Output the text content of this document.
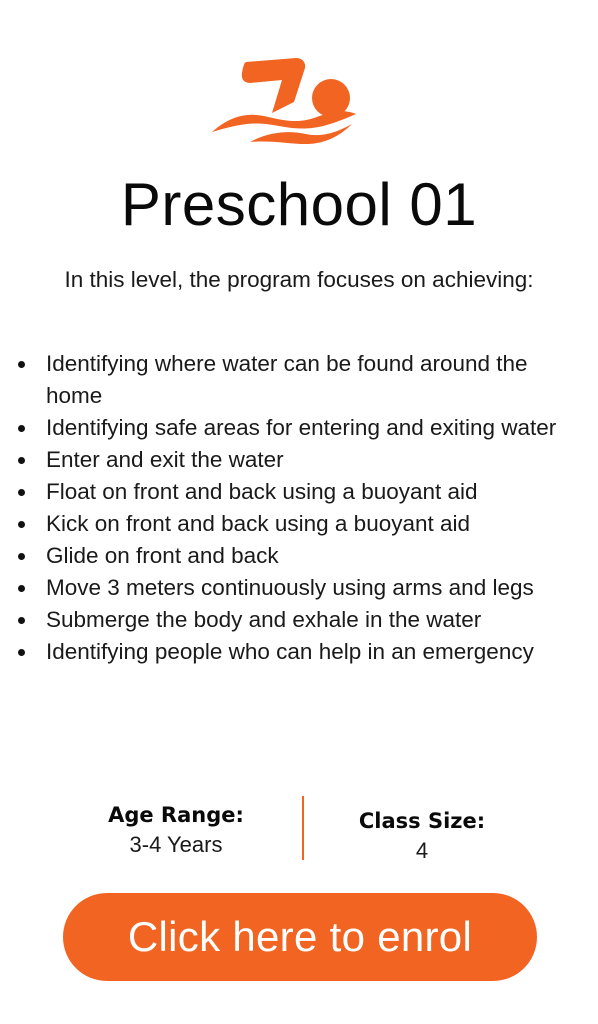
Preschool 01
In this level, the program focuses on achieving:
Identifying where water can be found around the home
Identifying safe areas for entering and exiting water
Enter and exit the water
Float on front and back using a buoyant aid
Kick on front and back using a buoyant aid
Glide on front and back
Move 3 meters continuously using arms and legs
Submerge the body and exhale in the water
Identifying people who can help in an emergency
Age Range:
3-4 Years
Class Size:
4
Click here to enrol
